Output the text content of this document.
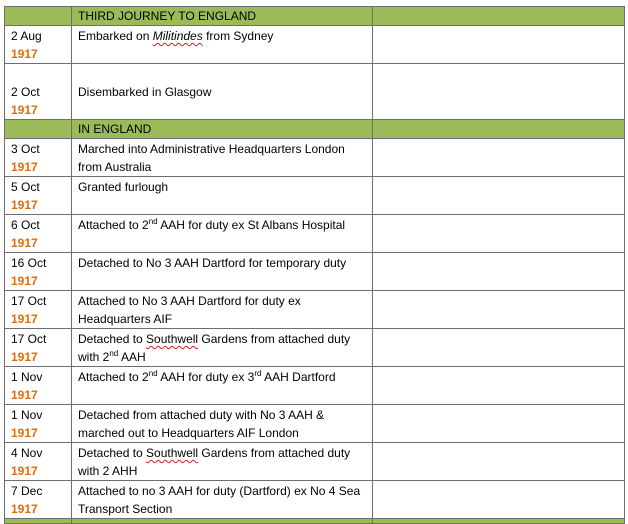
	THIRD JOURNEY TO ENGLAND	
2 Aug
1917	Embarked on Militindes from Sydney	
2 Oct
1917	Disembarked in Glasgow	
	IN ENGLAND	
3 Oct
1917	Marched into Administrative Headquarters London from Australia	
5 Oct
1917	Granted furlough	
6 Oct
1917	Attached to 2nd AAH for duty ex St Albans Hospital	
16 Oct
1917	Detached to No 3 AAH Dartford for temporary duty	
17 Oct
1917	Attached to No 3 AAH Dartford for duty ex Headquarters AIF	
17 Oct
1917	Detached to Southwell Gardens from attached duty with 2nd AAH	
1 Nov
1917	Attached to 2nd AAH for duty ex 3rd AAH Dartford	
1 Nov
1917	Detached from attached duty with No 3 AAH & marched out to Headquarters AIF London	
4 Nov
1917	Detached to Southwell Gardens from attached duty with 2 AHH	
7 Dec
1917	Attached to no 3 AAH for duty (Dartford) ex No 4 Sea Transport Section	
